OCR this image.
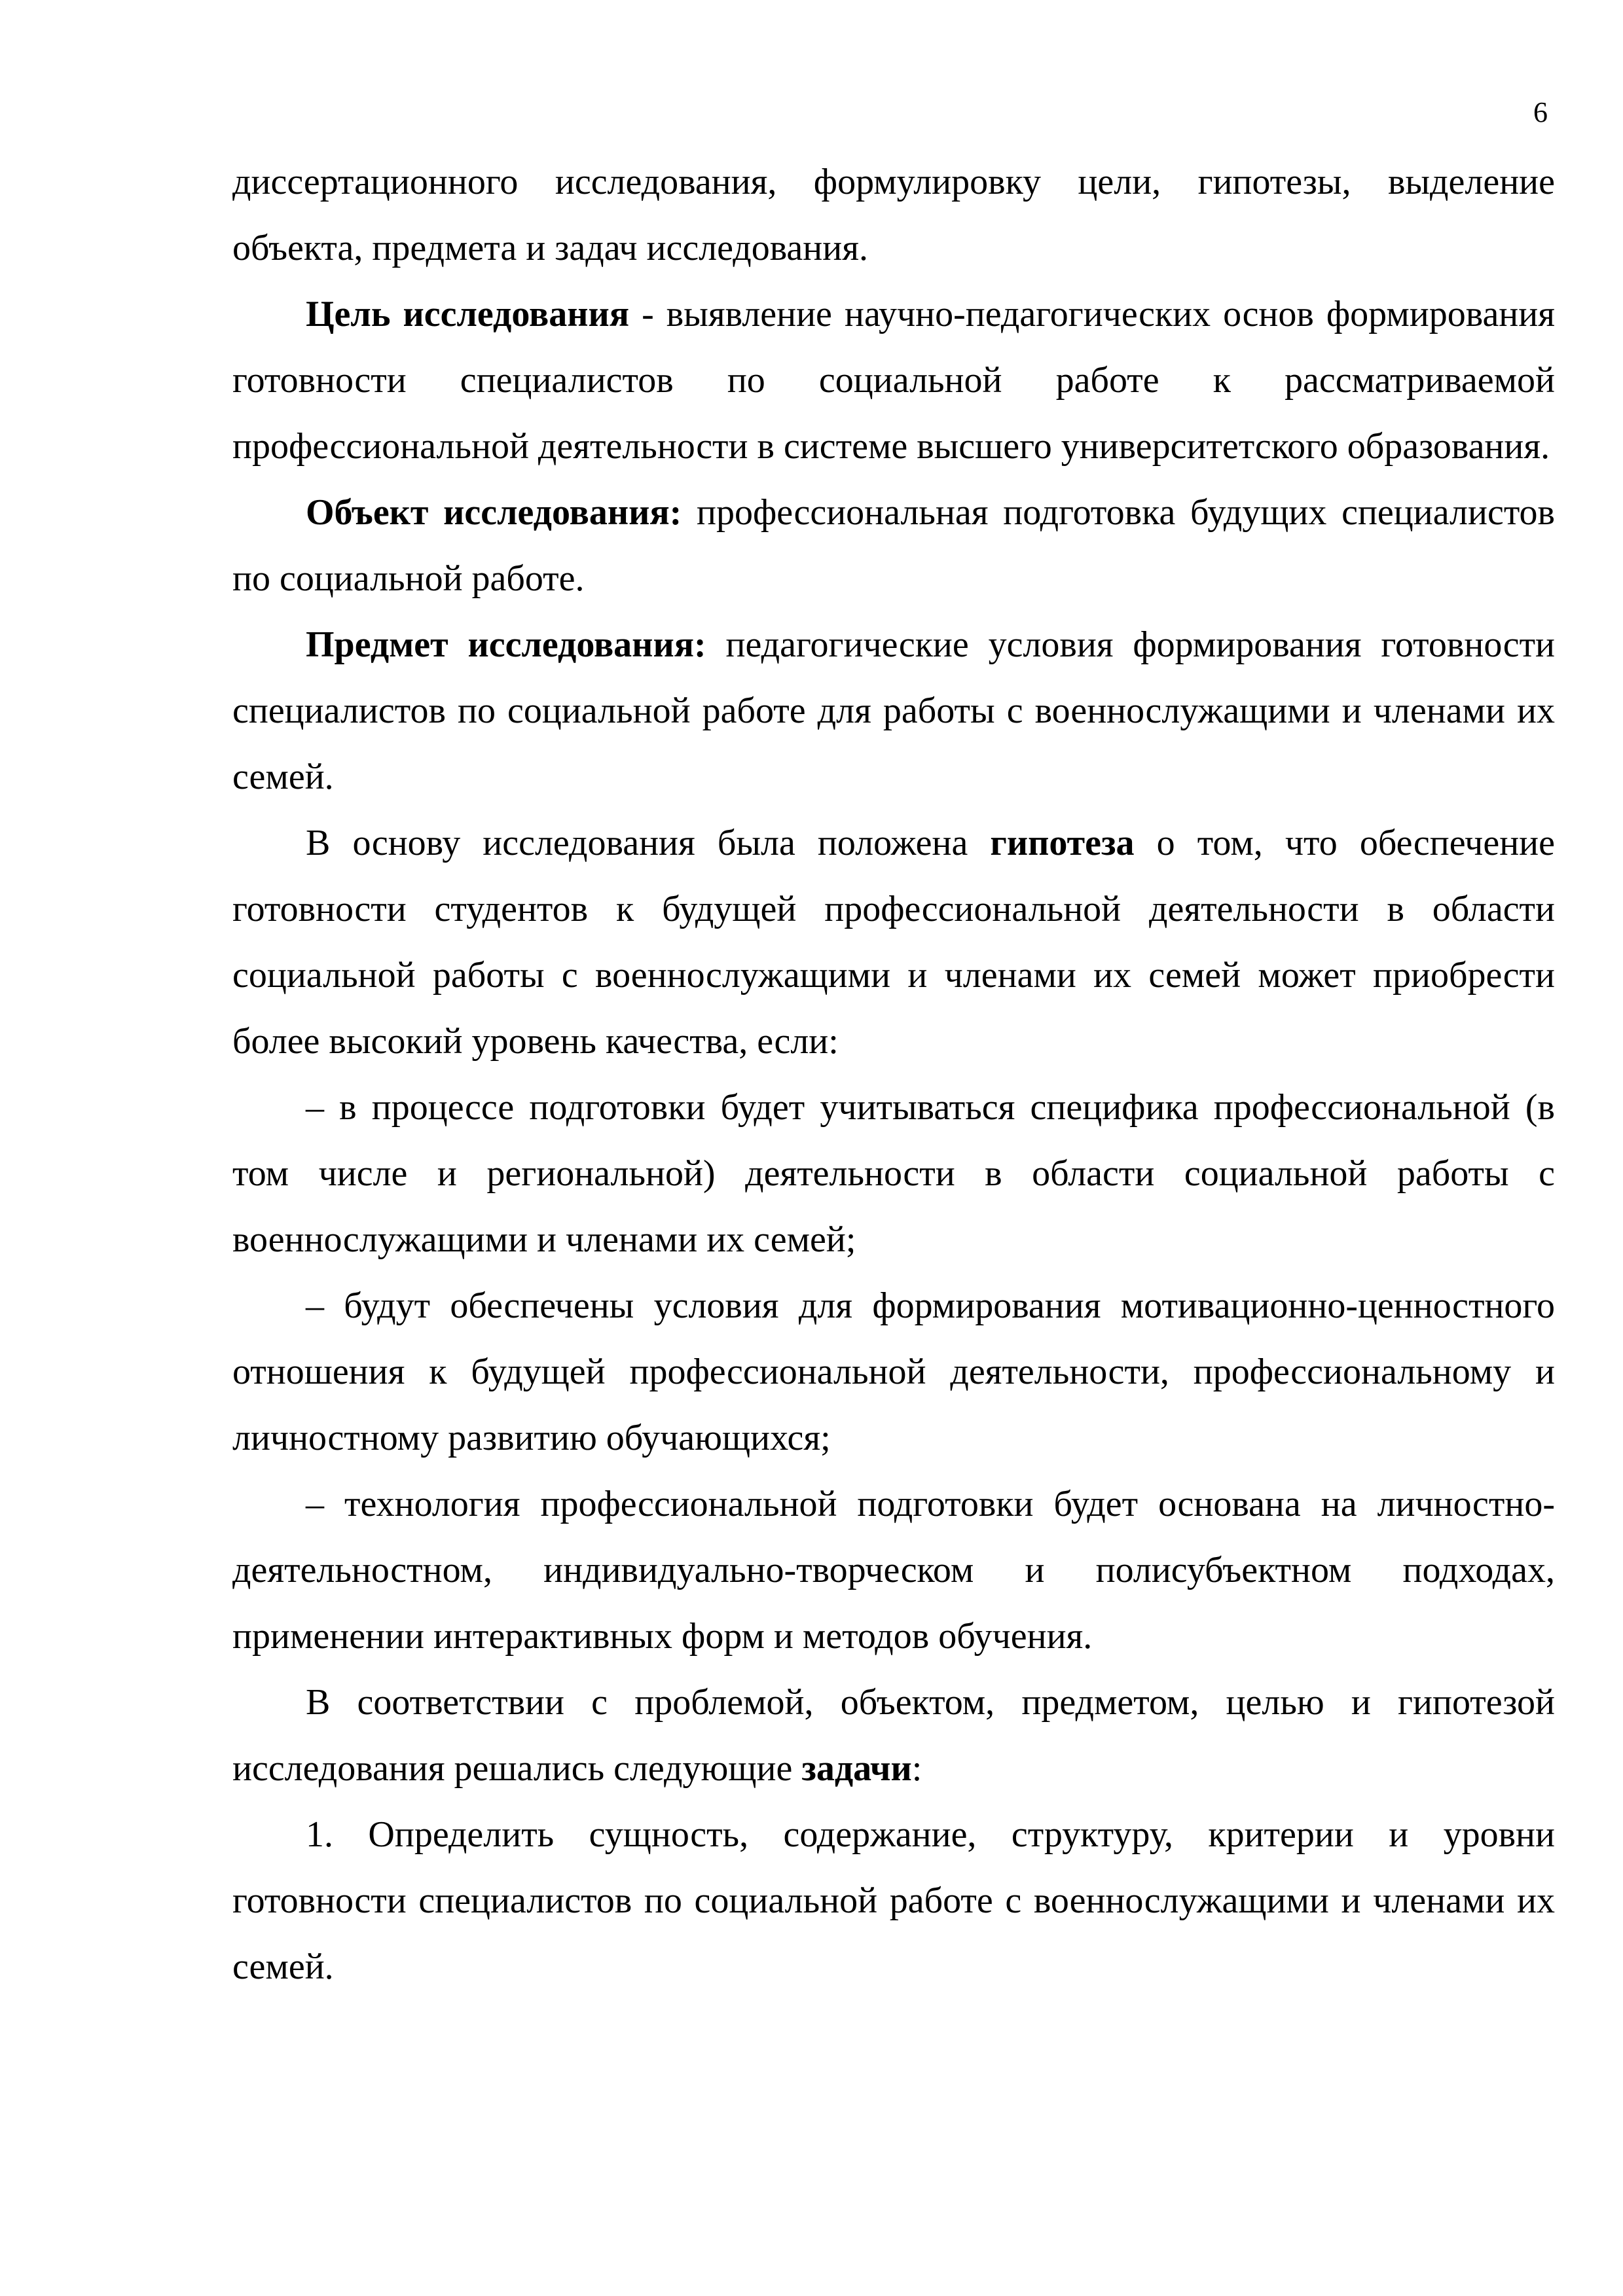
6

диссертационного исследования, формулировку цели, гипотезы, выделение объекта, предмета и задач исследования.

Цель исследования - выявление научно-педагогических основ формирования готовности специалистов по социальной работе к рассматриваемой профессиональной деятельности в системе высшего университетского образования.

Объект исследования: профессиональная подготовка будущих специалистов по социальной работе.

Предмет исследования: педагогические условия формирования готовности специалистов по социальной работе для работы с военнослужащими и членами их семей.

В основу исследования была положена гипотеза о том, что обеспечение готовности студентов к будущей профессиональной деятельности в области социальной работы с военнослужащими и членами их семей может приобрести более высокий уровень качества, если:

– в процессе подготовки будет учитываться специфика профессиональной (в том числе и региональной) деятельности в области социальной работы с военнослужащими и членами их семей;

– будут обеспечены условия для формирования мотивационно-ценностного отношения к будущей профессиональной деятельности, профессиональному и личностному развитию обучающихся;

– технология профессиональной подготовки будет основана на личностно-деятельностном, индивидуально-творческом и полисубъектном подходах, применении интерактивных форм и методов обучения.

В соответствии с проблемой, объектом, предметом, целью и гипотезой исследования решались следующие задачи:

1. Определить сущность, содержание, структуру, критерии и уровни готовности специалистов по социальной работе с военнослужащими и членами их семей.
